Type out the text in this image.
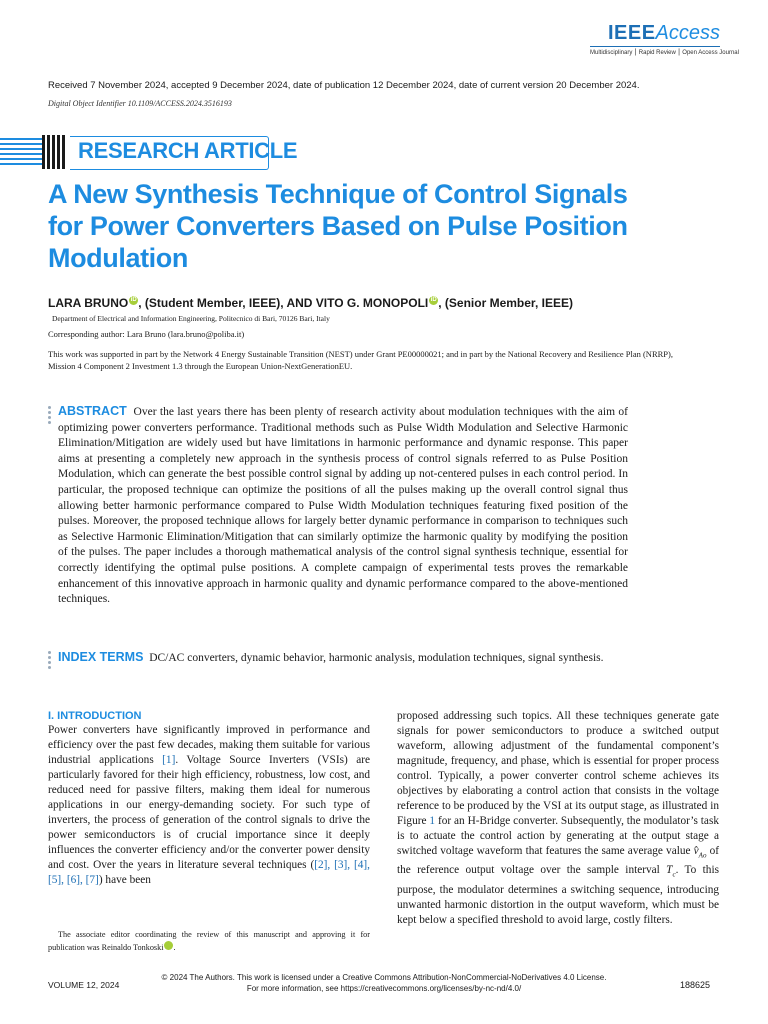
IEEEAccess
Multidisciplinary ⎮ Rapid Review ⎮ Open Access Journal
Received 7 November 2024, accepted 9 December 2024, date of publication 12 December 2024, date of current version 20 December 2024.
Digital Object Identifier 10.1109/ACCESS.2024.3516193
RESEARCH ARTICLE
A New Synthesis Technique of Control Signals for Power Converters Based on Pulse Position Modulation
LARA BRUNO iD , (Student Member, IEEE), AND VITO G. MONOPOLI iD , (Senior Member, IEEE)
Department of Electrical and Information Engineering, Politecnico di Bari, 70126 Bari, Italy
Corresponding author: Lara Bruno (lara.bruno@poliba.it)
This work was supported in part by the Network 4 Energy Sustainable Transition (NEST) under Grant PE00000021; and in part by the National Recovery and Resilience Plan (NRRP), Mission 4 Component 2 Investment 1.3 through the European Union-NextGenerationEU.
ABSTRACT Over the last years there has been plenty of research activity about modulation techniques with the aim of optimizing power converters performance. Traditional methods such as Pulse Width Modulation and Selective Harmonic Elimination/Mitigation are widely used but have limitations in harmonic performance and dynamic response. This paper aims at presenting a completely new approach in the synthesis process of control signals referred to as Pulse Position Modulation, which can generate the best possible control signal by adding up not-centered pulses in each control period. In particular, the proposed technique can optimize the positions of all the pulses making up the overall control signal thus allowing better harmonic performance compared to Pulse Width Modulation techniques featuring fixed position of the pulses. Moreover, the proposed technique allows for largely better dynamic performance in comparison to techniques such as Selective Harmonic Elimination/Mitigation that can similarly optimize the harmonic quality by modifying the position of the pulses. The paper includes a thorough mathematical analysis of the control signal synthesis technique, essential for correctly identifying the optimal pulse positions. A complete campaign of experimental tests proves the remarkable enhancement of this innovative approach in harmonic quality and dynamic performance compared to the above-mentioned techniques.
INDEX TERMS DC/AC converters, dynamic behavior, harmonic analysis, modulation techniques, signal synthesis.
I. INTRODUCTION
Power converters have significantly improved in performance and efficiency over the past few decades, making them suitable for various industrial applications [1]. Voltage Source Inverters (VSIs) are particularly favored for their high efficiency, robustness, low cost, and reduced need for passive filters, making them ideal for numerous applications in our energy-demanding society. For such type of inverters, the process of generation of the control signals to drive the power semiconductors is of crucial importance since it deeply influences the converter efficiency and/or the converter power density and cost. Over the years in literature several techniques ([2], [3], [4], [5], [6], [7]) have been
proposed addressing such topics. All these techniques generate gate signals for power semiconductors to produce a switched output waveform, allowing adjustment of the fundamental component’s magnitude, frequency, and phase, which is essential for proper process control. Typically, a power converter control scheme achieves its objectives by elaborating a control action that consists in the voltage reference to be produced by the VSI at its output stage, as illustrated in Figure 1 for an H-Bridge converter. Subsequently, the modulator’s task is to actuate the control action by generating at the output stage a switched voltage waveform that features the same average value $v̂_{Ao}$ of the reference output voltage over the sample interval $T_c$. To this purpose, the modulator determines a switching sequence, introducing unwanted harmonic distortion in the output waveform, which must be kept below a specified threshold to avoid large, costly filters.
The associate editor coordinating the review of this manuscript and approving it for publication was Reinaldo Tonkoski iD.
© 2024 The Authors. This work is licensed under a Creative Commons Attribution-NonCommercial-NoDerivatives 4.0 License.
For more information, see https://creativecommons.org/licenses/by-nc-nd/4.0/
VOLUME 12, 2024	188625
